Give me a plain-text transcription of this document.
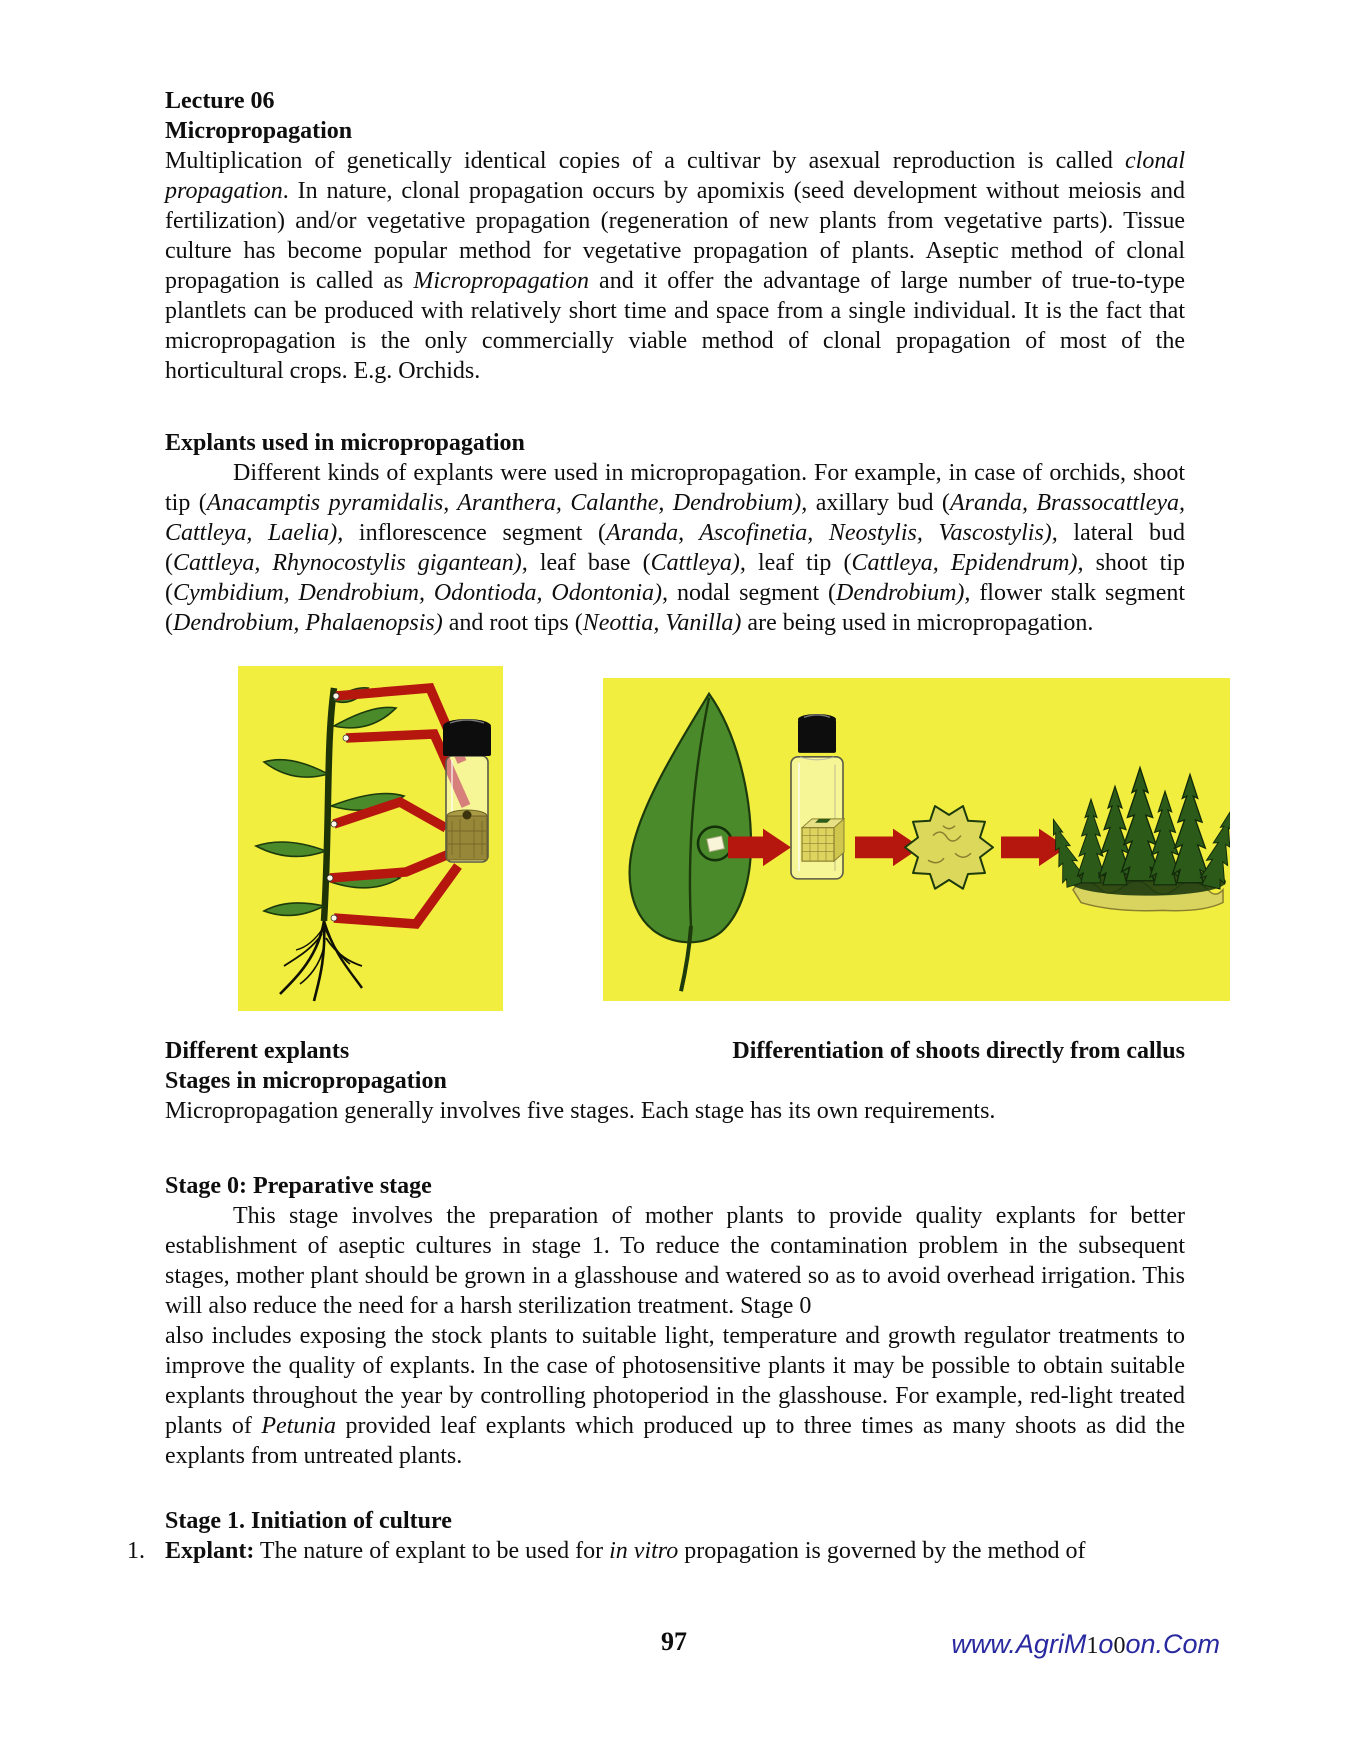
Lecture 06
Micropropagation

Multiplication of genetically identical copies of a cultivar by asexual reproduction is called clonal propagation. In nature, clonal propagation occurs by apomixis (seed development without meiosis and fertilization) and/or vegetative propagation (regeneration of new plants from vegetative parts). Tissue culture has become popular method for vegetative propagation of plants. Aseptic method of clonal propagation is called as Micropropagation and it offer the advantage of large number of true-to-type plantlets can be produced with relatively short time and space from a single individual. It is the fact that micropropagation is the only commercially viable method of clonal propagation of most of the horticultural crops. E.g. Orchids.

Explants used in micropropagation

Different kinds of explants were used in micropropagation. For example, in case of orchids, shoot tip (Anacamptis pyramidalis, Aranthera, Calanthe, Dendrobium), axillary bud (Aranda, Brassocattleya, Cattleya, Laelia), inflorescence segment (Aranda, Ascofinetia, Neostylis, Vascostylis), lateral bud (Cattleya, Rhynocostylis gigantean), leaf base (Cattleya), leaf tip (Cattleya, Epidendrum), shoot tip (Cymbidium, Dendrobium, Odontioda, Odontonia), nodal segment (Dendrobium), flower stalk segment (Dendrobium, Phalaenopsis) and root tips (Neottia, Vanilla) are being used in micropropagation.

Different explants	Differentiation of shoots directly from callus
Stages in micropropagation

Micropropagation generally involves five stages. Each stage has its own requirements.

Stage 0: Preparative stage

This stage involves the preparation of mother plants to provide quality explants for better establishment of aseptic cultures in stage 1. To reduce the contamination problem in the subsequent stages, mother plant should be grown in a glasshouse and watered so as to avoid overhead irrigation. This will also reduce the need for a harsh sterilization treatment. Stage 0

also includes exposing the stock plants to suitable light, temperature and growth regulator treatments to improve the quality of explants. In the case of photosensitive plants it may be possible to obtain suitable explants throughout the year by controlling photoperiod in the glasshouse. For example, red-light treated plants of Petunia provided leaf explants which produced up to three times as many shoots as did the explants from untreated plants.

Stage 1. Initiation of culture
1. Explant: The nature of explant to be used for in vitro propagation is governed by the method of

97	www.AgriM1o0on.Com
